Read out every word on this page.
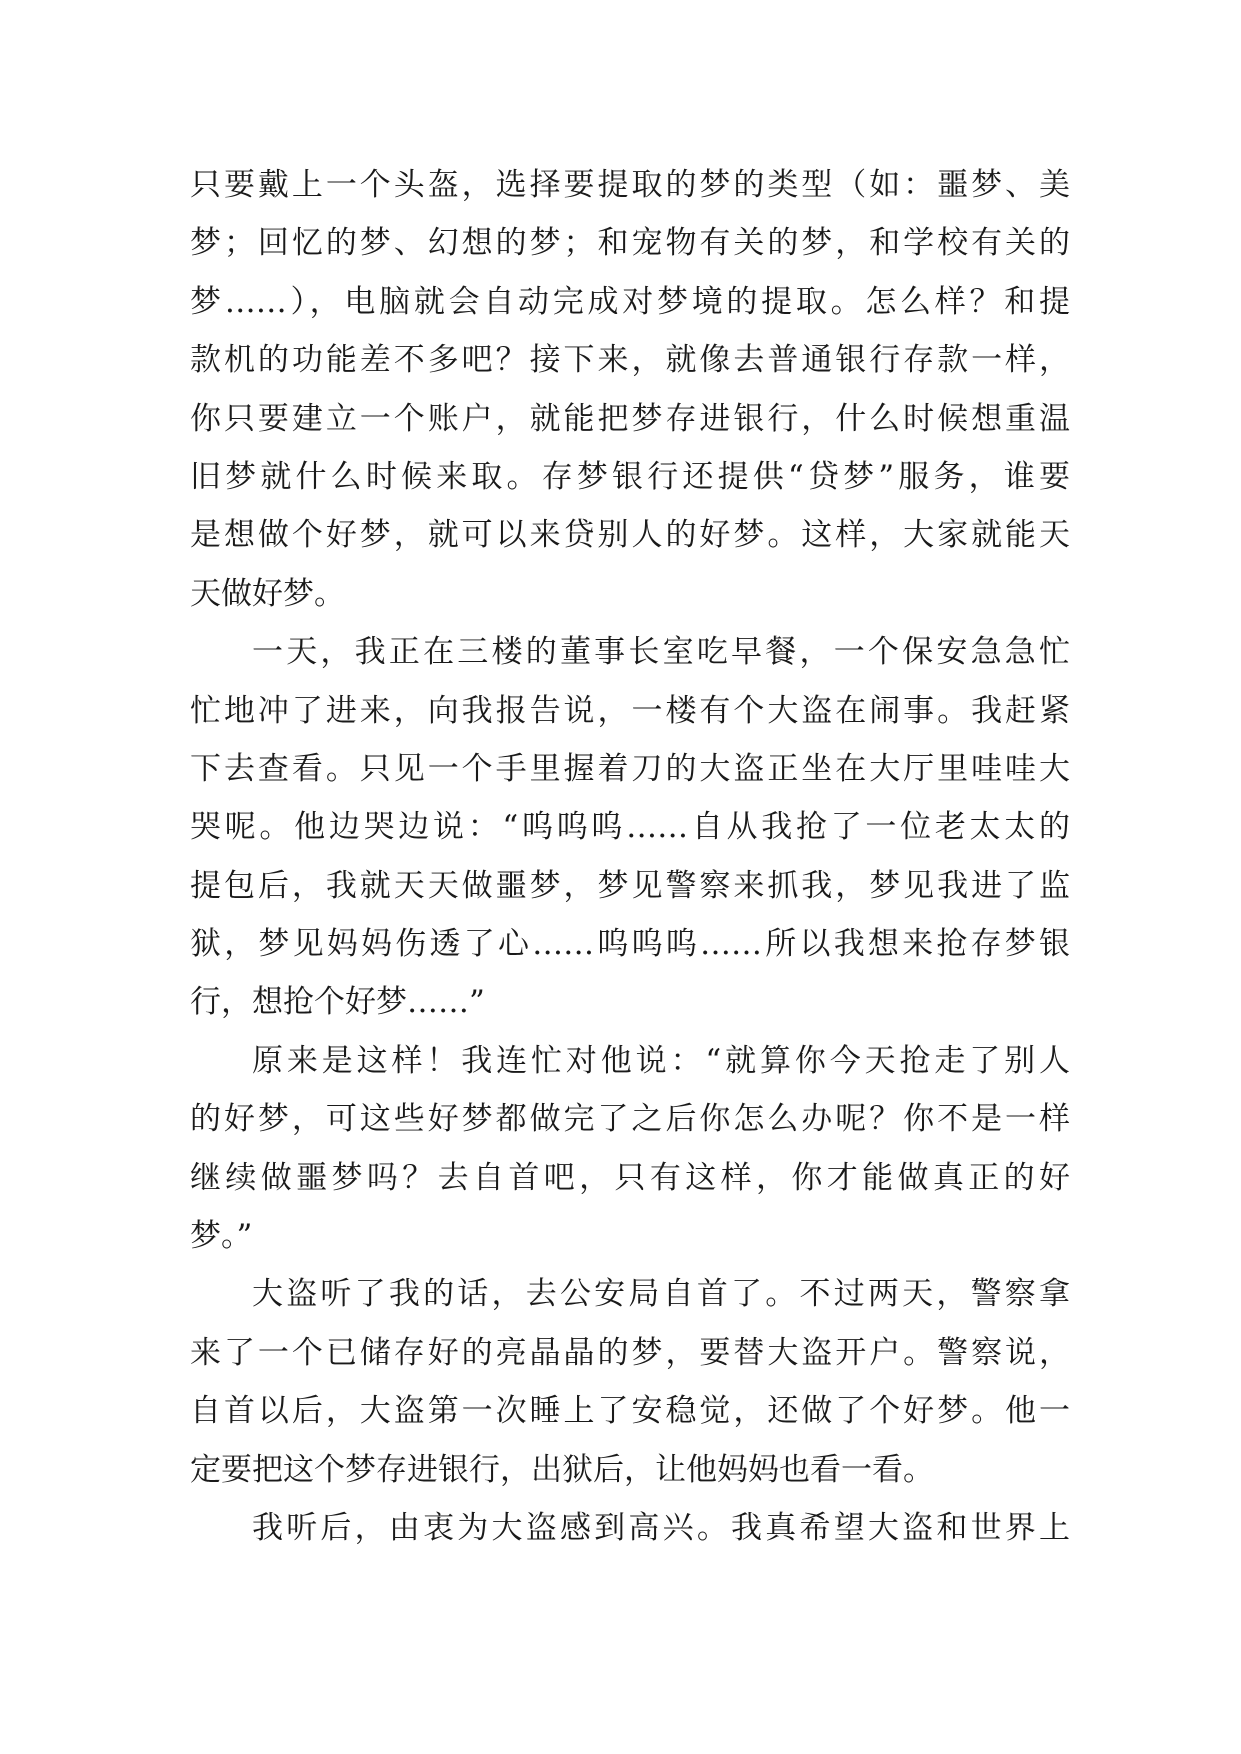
只要戴上一个头盔，选择要提取的梦的类型（如：噩梦、美
梦；回忆的梦、幻想的梦；和宠物有关的梦，和学校有关的
梦……），电脑就会自动完成对梦境的提取。怎么样？和提
款机的功能差不多吧？接下来，就像去普通银行存款一样，
你只要建立一个账户，就能把梦存进银行，什么时候想重温
旧梦就什么时候来取。存梦银行还提供“贷梦”服务，谁要
是想做个好梦，就可以来贷别人的好梦。这样，大家就能天
天做好梦。
一天，我正在三楼的董事长室吃早餐，一个保安急急忙
忙地冲了进来，向我报告说，一楼有个大盗在闹事。我赶紧
下去查看。只见一个手里握着刀的大盗正坐在大厅里哇哇大
哭呢。他边哭边说：“呜呜呜……自从我抢了一位老太太的
提包后，我就天天做噩梦，梦见警察来抓我，梦见我进了监
狱，梦见妈妈伤透了心……呜呜呜……所以我想来抢存梦银
行，想抢个好梦……”
原来是这样！我连忙对他说：“就算你今天抢走了别人
的好梦，可这些好梦都做完了之后你怎么办呢？你不是一样
继续做噩梦吗？去自首吧，只有这样，你才能做真正的好
梦。”
大盗听了我的话，去公安局自首了。不过两天，警察拿
来了一个已储存好的亮晶晶的梦，要替大盗开户。警察说，
自首以后，大盗第一次睡上了安稳觉，还做了个好梦。他一
定要把这个梦存进银行，出狱后，让他妈妈也看一看。
我听后，由衷为大盗感到高兴。我真希望大盗和世界上
